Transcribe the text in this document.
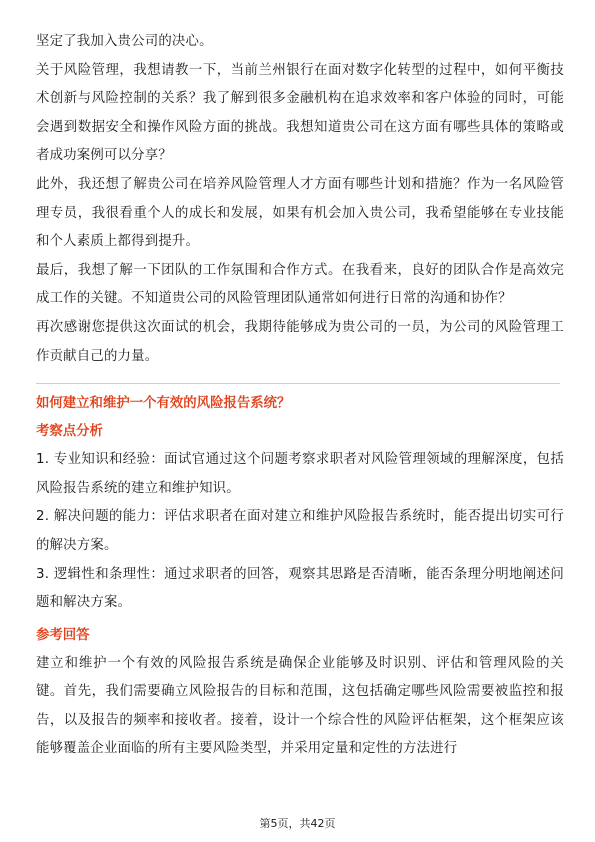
坚定了我加入贵公司的决心。

关于风险管理，我想请教一下，当前兰州银行在面对数字化转型的过程中，如何平衡技术创新与风险控制的关系？我了解到很多金融机构在追求效率和客户体验的同时，可能会遇到数据安全和操作风险方面的挑战。我想知道贵公司在这方面有哪些具体的策略或者成功案例可以分享？

此外，我还想了解贵公司在培养风险管理人才方面有哪些计划和措施？作为一名风险管理专员，我很看重个人的成长和发展，如果有机会加入贵公司，我希望能够在专业技能和个人素质上都得到提升。

最后，我想了解一下团队的工作氛围和合作方式。在我看来，良好的团队合作是高效完成工作的关键。不知道贵公司的风险管理团队通常如何进行日常的沟通和协作？

再次感谢您提供这次面试的机会，我期待能够成为贵公司的一员，为公司的风险管理工作贡献自己的力量。

如何建立和维护一个有效的风险报告系统？
考察点分析

1. 专业知识和经验：面试官通过这个问题考察求职者对风险管理领域的理解深度，包括风险报告系统的建立和维护知识。

2. 解决问题的能力：评估求职者在面对建立和维护风险报告系统时，能否提出切实可行的解决方案。

3. 逻辑性和条理性：通过求职者的回答，观察其思路是否清晰，能否条理分明地阐述问题和解决方案。

参考回答

建立和维护一个有效的风险报告系统是确保企业能够及时识别、评估和管理风险的关键。首先，我们需要确立风险报告的目标和范围，这包括确定哪些风险需要被监控和报告，以及报告的频率和接收者。接着，设计一个综合性的风险评估框架，这个框架应该能够覆盖企业面临的所有主要风险类型，并采用定量和定性的方法进行

第5页，共42页
